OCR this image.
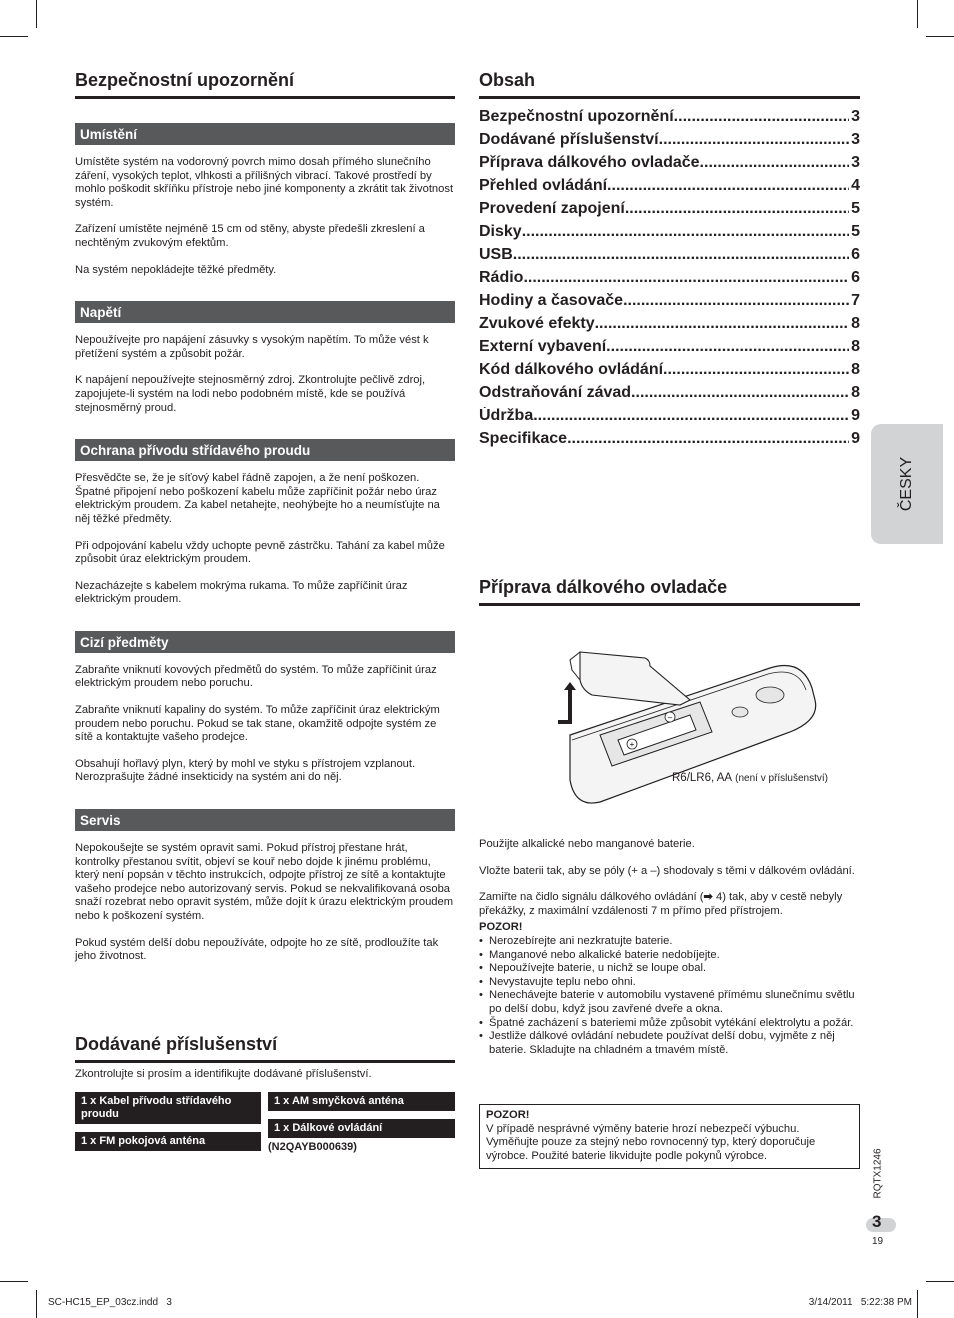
Bezpečnostní upozornění
Umístění

Umístěte systém na vodorovný povrch mimo dosah přímého slunečního záření, vysokých teplot, vlhkosti a přílišných vibrací. Takové prostředí by mohlo poškodit skříňku přístroje nebo jiné komponenty a zkrátit tak životnost systém.

Zařízení umístěte nejméně 15 cm od stěny, abyste předešli zkreslení a nechtěným zvukovým efektům.

Na systém nepokládejte těžké předměty.

Napětí

Nepoužívejte pro napájení zásuvky s vysokým napětím. To může vést k přetížení systém a způsobit požár.

K napájení nepoužívejte stejnosměrný zdroj. Zkontrolujte pečlivě zdroj, zapojujete-li systém na lodi nebo podobném místě, kde se používá stejnosměrný proud.

Ochrana přívodu střídavého proudu

Přesvědčte se, že je síťový kabel řádně zapojen, a že není poškozen. Špatné připojení nebo poškození kabelu může zapříčinit požár nebo úraz elektrickým proudem. Za kabel netahejte, neohýbejte ho a neumísťujte na něj těžké předměty.

Při odpojování kabelu vždy uchopte pevně zástrčku. Tahání za kabel může způsobit úraz elektrickým proudem.

Nezacházejte s kabelem mokrýma rukama. To může zapříčinit úraz elektrickým proudem.

Cizí předměty

Zabraňte vniknutí kovových předmětů do systém. To může zapříčinit úraz elektrickým proudem nebo poruchu.

Zabraňte vniknutí kapaliny do systém. To může zapříčinit úraz elektrickým proudem nebo poruchu. Pokud se tak stane, okamžitě odpojte systém ze sítě a kontaktujte vašeho prodejce.

Obsahují hořlavý plyn, který by mohl ve styku s přístrojem vzplanout. Nerozprašujte žádné insekticidy na systém ani do něj.

Servis

Nepokoušejte se systém opravit sami. Pokud přístroj přestane hrát, kontrolky přestanou svítit, objeví se kouř nebo dojde k jinému problému, který není popsán v těchto instrukcích, odpojte přístroj ze sítě a kontaktujte vašeho prodejce nebo autorizovaný servis. Pokud se nekvalifikovaná osoba snaží rozebrat nebo opravit systém, může dojít k úrazu elektrickým proudem nebo k poškození systém.

Pokud systém delší dobu nepoužíváte, odpojte ho ze sítě, prodloužíte tak jeho životnost.

Dodávané příslušenství

Zkontrolujte si prosím a identifikujte dodávané příslušenství.

1 x Kabel přívodu střídavého proudu
1 x FM pokojová anténa
1 x AM smyčková anténa
1 x Dálkové ovládání
(N2QAYB000639)
Obsah
Bezpečnostní upozornění .....	3
Dodávané příslušenství .....	3
Příprava dálkového ovladače .....	3
Přehled ovládání .....	4
Provedení zapojení .....	5
Disky .....	5
USB .....	6
Rádio .....	6
Hodiny a časovače .....	7
Zvukové efekty .....	8
Externí vybavení .....	8
Kód dálkového ovládání .....	8
Odstraňování závad .....	8
Údržba .....	9
Specifikace .....	9
Příprava dálkového ovladače
+
–
R6/LR6, AA (není v příslušenství)

Použijte alkalické nebo manganové baterie.

Vložte baterii tak, aby se póly (+ a –) shodovaly s těmi v dálkovém ovládání.

Zamiřte na čidlo signálu dálkového ovládání (➡ 4) tak, aby v cestě nebyly překážky, z maximální vzdálenosti 7 m přímo před přístrojem.

POZOR!

• Nerozebírejte ani nezkratujte baterie.
• Manganové nebo alkalické baterie nedobíjejte.
• Nepoužívejte baterie, u nichž se loupe obal.
• Nevystavujte teplu nebo ohni.
• Nenechávejte baterie v automobilu vystavené přímému slunečnímu světlu po delší dobu, když jsou zavřené dveře a okna.
• Špatné zacházení s bateriemi může způsobit vytékání elektrolytu a požár.
• Jestliže dálkové ovládání nebudete používat delší dobu, vyjměte z něj baterie. Skladujte na chladném a tmavém místě.

POZOR!

V případě nesprávné výměny baterie hrozí nebezpečí výbuchu. Vyměňujte pouze za stejný nebo rovnocenný typ, který doporučuje výrobce. Použité baterie likvidujte podle pokynů výrobce.

ČESKY
RQTX1246
3
19
SC-HC15_EP_03cz.indd   3	3/14/2011   5:22:38 PM
